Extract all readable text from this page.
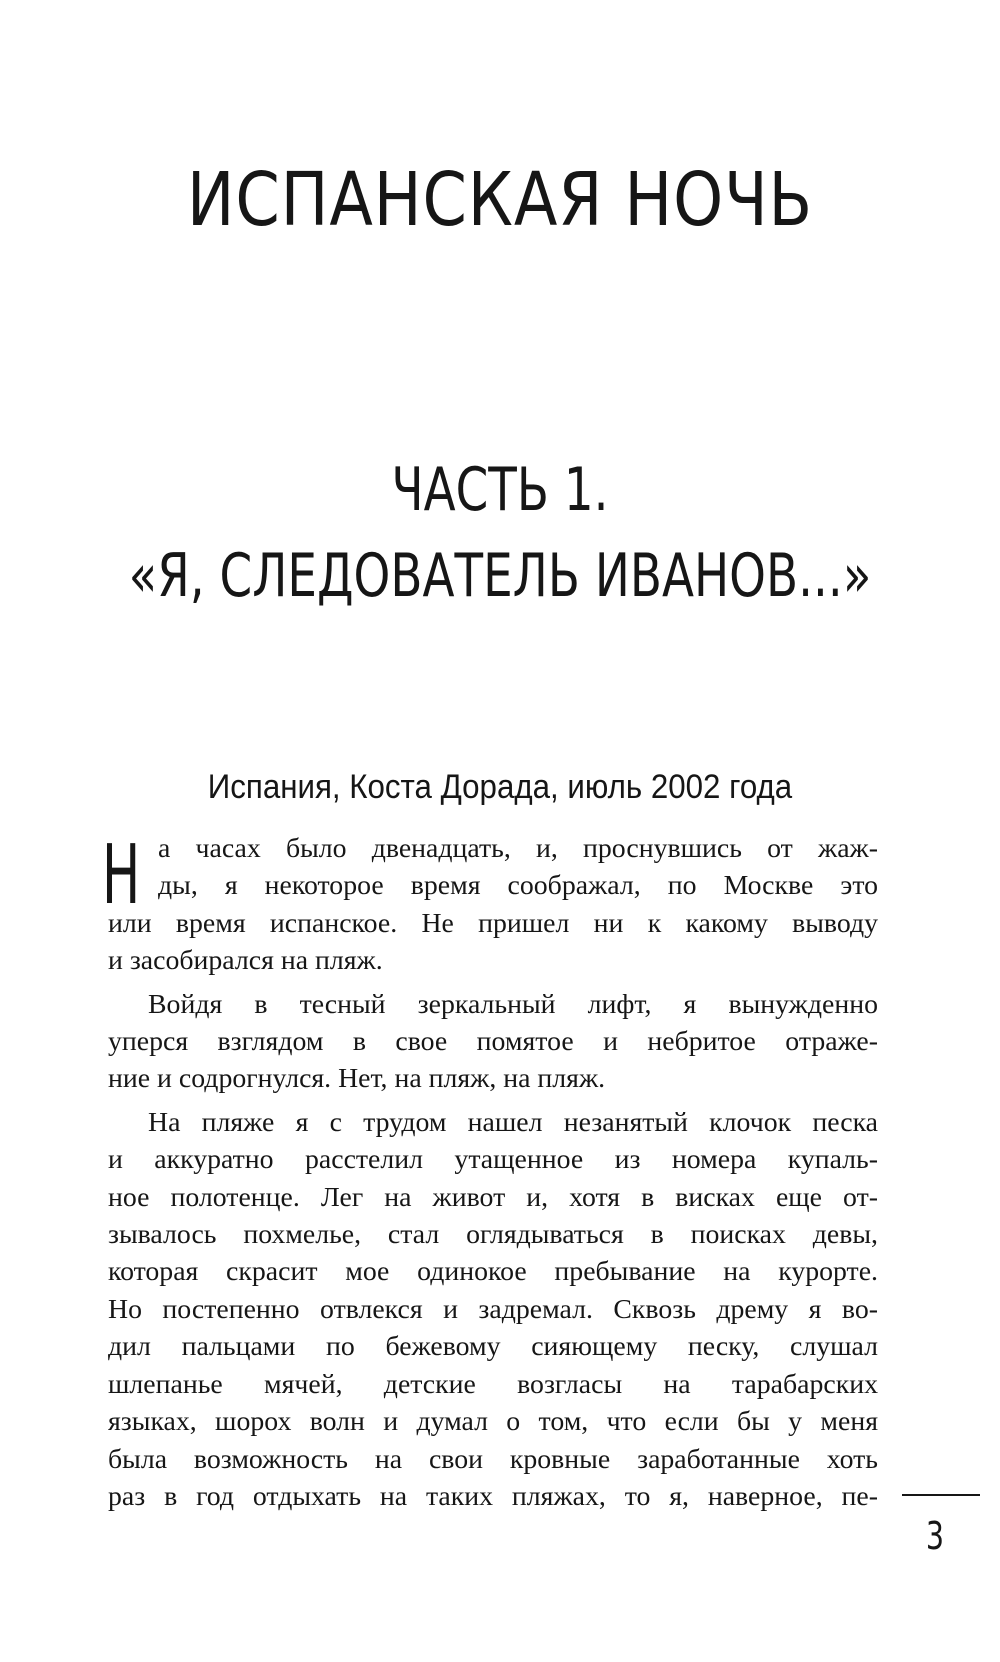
ИСПАНСКАЯ НОЧЬ
ЧАСТЬ 1.
«Я, СЛЕДОВАТЕЛЬ ИВАНОВ...»
Испания, Коста Дорада, июль 2002 года
Н а часах было двенадцать, и, проснувшись от жаж-
ды, я некоторое время соображал, по Москве это
или время испанское. Не пришел ни к какому выводу
и засобирался на пляж.
Войдя в тесный зеркальный лифт, я вынужденно
уперся взглядом в свое помятое и небритое отраже-
ние и содрогнулся. Нет, на пляж, на пляж.
На пляже я с трудом нашел незанятый клочок песка
и аккуратно расстелил утащенное из номера купаль-
ное полотенце. Лег на живот и, хотя в висках еще от-
зывалось похмелье, стал оглядываться в поисках девы,
которая скрасит мое одинокое пребывание на курорте.
Но постепенно отвлекся и задремал. Сквозь дрему я во-
дил пальцами по бежевому сияющему песку, слушал
шлепанье мячей, детские возгласы на тарабарских
языках, шорох волн и думал о том, что если бы у меня
была возможность на свои кровные заработанные хоть
раз в год отдыхать на таких пляжах, то я, наверное, пе-
3
